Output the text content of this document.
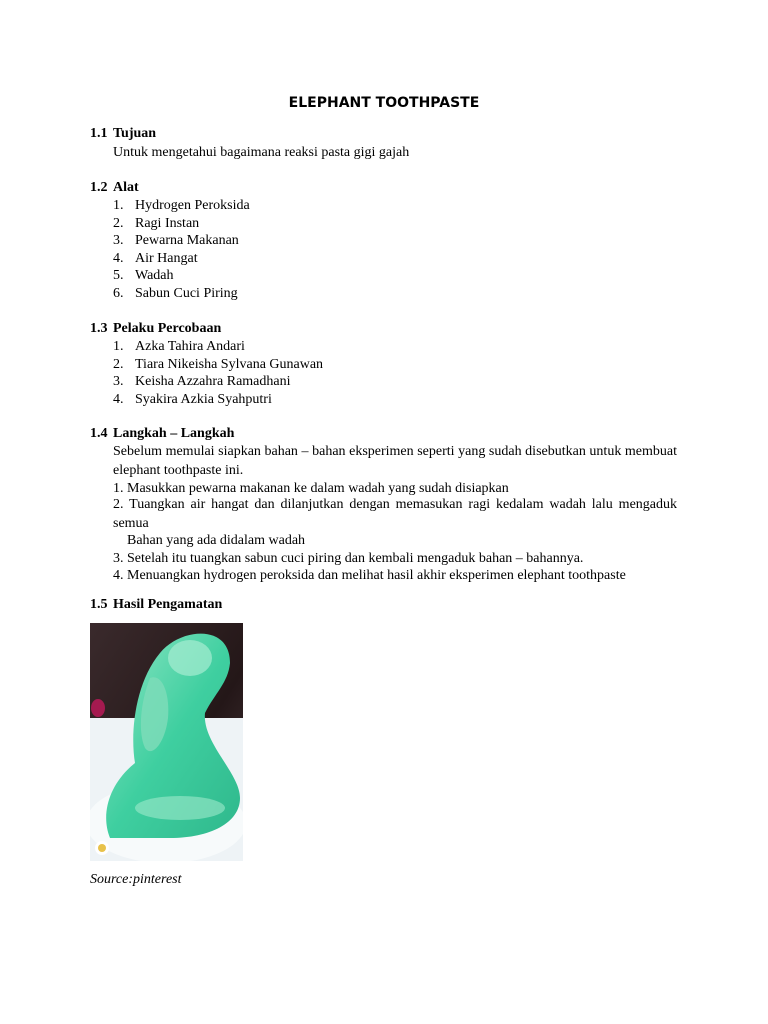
ELEPHANT TOOTHPASTE
1.1 Tujuan
Untuk mengetahui bagaimana reaksi pasta gigi gajah
1.2 Alat
1. Hydrogen Peroksida
2. Ragi Instan
3. Pewarna Makanan
4. Air Hangat
5. Wadah
6. Sabun Cuci Piring
1.3 Pelaku Percobaan
1. Azka Tahira Andari
2. Tiara Nikeisha Sylvana Gunawan
3. Keisha Azzahra Ramadhani
4. Syakira Azkia Syahputri
1.4 Langkah – Langkah
Sebelum memulai siapkan bahan – bahan eksperimen seperti yang sudah disebutkan untuk membuat
elephant toothpaste ini.
1. Masukkan pewarna makanan ke dalam wadah yang sudah disiapkan
2. Tuangkan air hangat dan dilanjutkan dengan memasukan ragi kedalam wadah lalu mengaduk
semua
Bahan yang ada didalam wadah
3. Setelah itu tuangkan sabun cuci piring dan kembali mengaduk bahan – bahannya.
4. Menuangkan hydrogen peroksida dan melihat hasil akhir eksperimen elephant toothpaste
1.5 Hasil Pengamatan
Source:pinterest
